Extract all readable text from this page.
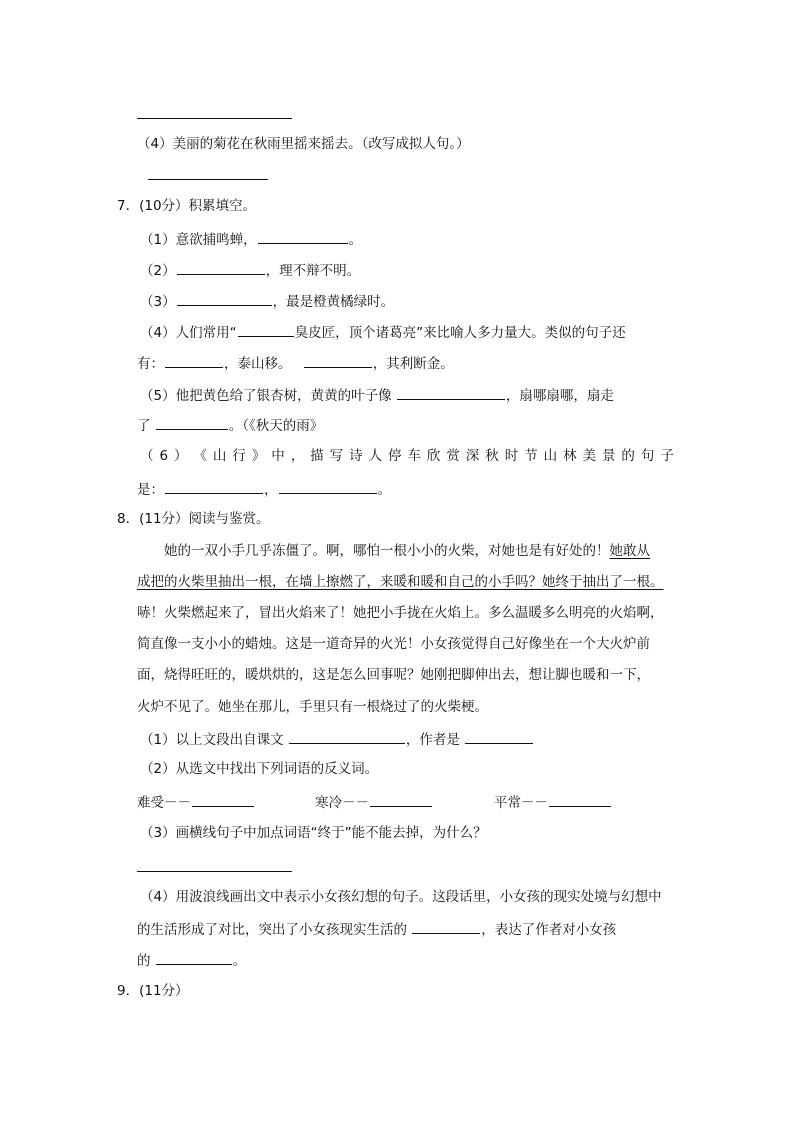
（4）美丽的菊花在秋雨里摇来摇去。（改写成拟人句。）
7．(10分）积累填空。
（1）意欲捕鸣蝉，	。
（2）	，理不辩不明。
（3）	，最是橙黄橘绿时。
（4）人们常用“	臭皮匠，顶个诸葛亮”来比喻人多力量大。类似的句子还
有：	，泰山移。	，其利断金。
（5）他把黄色给了银杏树，黄黄的叶子像	，扇哪扇哪，扇走
了	。（《秋天的雨》
（ 6 ） 《 山 行 》 中 ， 描 写 诗 人 停 车 欣 赏 深 秋 时 节 山 林 美 景 的 句 子
是：	，	。
8．(11分）阅读与鉴赏。
她的一双小手几乎冻僵了。啊，哪怕一根小小的火柴，对她也是有好处的！她敢从
成把的火柴里抽出一根，在墙上擦燃了，来暖和暖和自己的小手吗？她终于抽出了一根。
哧！火柴燃起来了，冒出火焰来了！她把小手拢在火焰上。多么温暖多么明亮的火焰啊，
简直像一支小小的蜡烛。这是一道奇异的火光！小女孩觉得自己好像坐在一个大火炉前
面，烧得旺旺的，暖烘烘的，这是怎么回事呢？她刚把脚伸出去，想让脚也暖和一下，
火炉不见了。她坐在那儿，手里只有一根烧过了的火柴梗。
（1）以上文段出自课文	，作者是
（2）从选文中找出下列词语的反义词。
难受－－	寒冷－－	平常－－
（3）画横线句子中加点词语“终于”能不能去掉，为什么？
（4）用波浪线画出文中表示小女孩幻想的句子。这段话里，小女孩的现实处境与幻想中
的生活形成了对比，突出了小女孩现实生活的	，表达了作者对小女孩
的	。
9．(11分）
